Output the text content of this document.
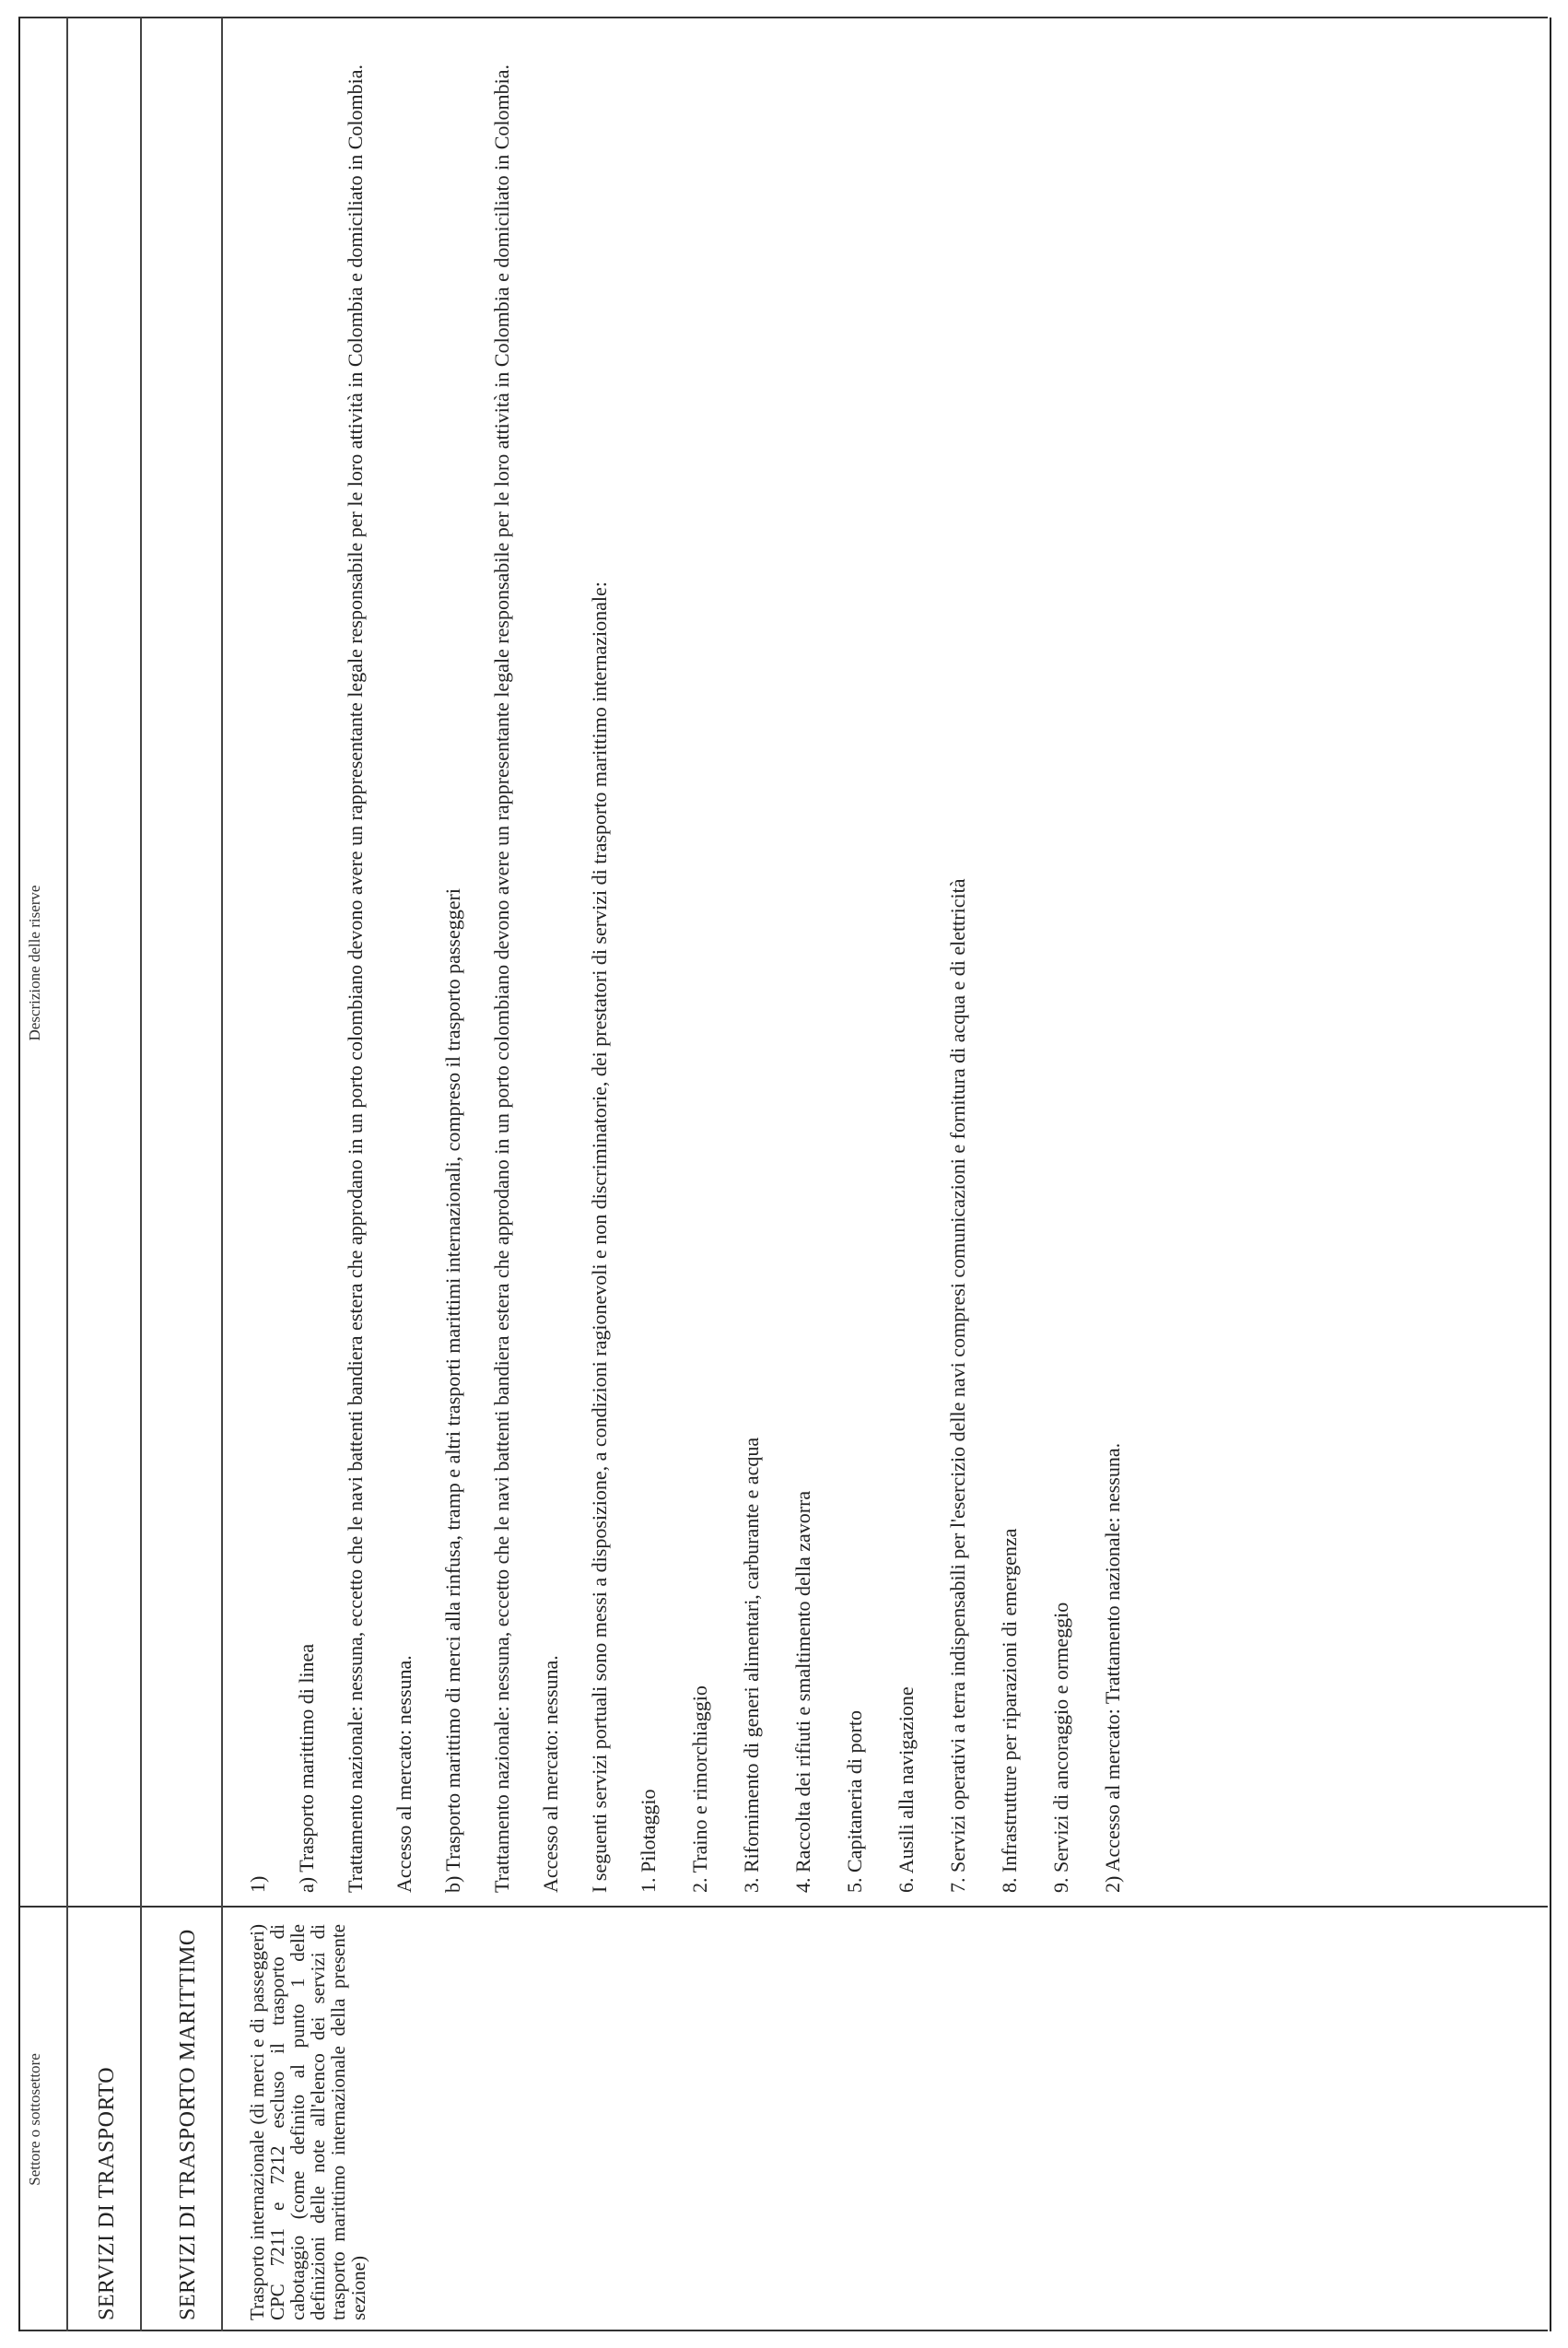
Settore o sottosettore
Descrizione delle riserve
SERVIZI DI TRASPORTO	SERVIZI DI TRASPORTO MARITTIMO Trasporto internazionale (di merci e di passeggeri) CPC 7211 e 7212 escluso il trasporto di cabotaggio (come definito al punto 1 delle definizioni delle note all'elenco dei servizi di trasporto marittimo internazionale della presente sezione)
1) a) Trasporto marittimo di linea Trattamento nazionale: nessuna, eccetto che le navi battenti bandiera estera che approdano in un porto colombiano devono avere un rappresentante legale responsabile per le loro attività in Colombia e domiciliato in Colombia. Accesso al mercato: nessuna. b) Trasporto marittimo di merci alla rinfusa, tramp e altri trasporti marittimi internazionali, compreso il trasporto passeggeri Trattamento nazionale: nessuna, eccetto che le navi battenti bandiera estera che approdano in un porto colombiano devono avere un rappresentante legale responsabile per le loro attività in Colombia e domiciliato in Colombia. Accesso al mercato: nessuna. I seguenti servizi portuali sono messi a disposizione, a condizioni ragionevoli e non discriminatorie, dei prestatori di servizi di trasporto marittimo internazionale: 1. Pilotaggio 2. Traino e rimorchiaggio 3. Rifornimento di generi alimentari, carburante e acqua 4. Raccolta dei rifiuti e smaltimento della zavorra 5. Capitaneria di porto 6. Ausili alla navigazione 7. Servizi operativi a terra indispensabili per l'esercizio delle navi compresi comunicazioni e fornitura di acqua e di elettricità 8. Infrastrutture per riparazioni di emergenza 9. Servizi di ancoraggio e ormeggio 2) Accesso al mercato: Trattamento nazionale: nessuna.
